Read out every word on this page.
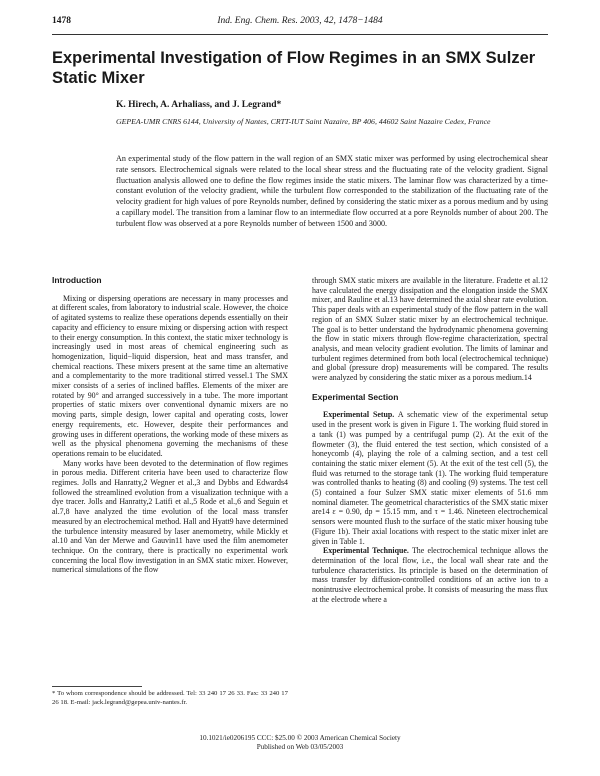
1478	Ind. Eng. Chem. Res. 2003, 42, 1478−1484
Experimental Investigation of Flow Regimes in an SMX Sulzer Static Mixer
K. Hirech, A. Arhaliass, and J. Legrand*
GEPEA-UMR CNRS 6144, University of Nantes, CRTT-IUT Saint Nazaire, BP 406, 44602 Saint Nazaire Cedex, France
An experimental study of the flow pattern in the wall region of an SMX static mixer was performed by using electrochemical shear rate sensors. Electrochemical signals were related to the local shear stress and the fluctuating rate of the velocity gradient. Signal fluctuation analysis allowed one to define the flow regimes inside the static mixers. The laminar flow was characterized by a time-constant evolution of the velocity gradient, while the turbulent flow corresponded to the stabilization of the fluctuating rate of the velocity gradient for high values of pore Reynolds number, defined by considering the static mixer as a porous medium and by using a capillary model. The transition from a laminar flow to an intermediate flow occurred at a pore Reynolds number of about 200. The turbulent flow was observed at a pore Reynolds number of between 1500 and 3000.
Introduction

Mixing or dispersing operations are necessary in many processes and at different scales, from laboratory to industrial scale. However, the choice of agitated systems to realize these operations depends essentially on their capacity and efficiency to ensure mixing or dispersing action with respect to their energy consumption. In this context, the static mixer technology is increasingly used in most areas of chemical engineering such as homogenization, liquid−liquid dispersion, heat and mass transfer, and chemical reactions. These mixers present at the same time an alternative and a complementarity to the more traditional stirred vessel.1 The SMX mixer consists of a series of inclined baffles. Elements of the mixer are rotated by 90° and arranged successively in a tube. The more important properties of static mixers over conventional dynamic mixers are no moving parts, simple design, lower capital and operating costs, lower energy requirements, etc. However, despite their performances and growing uses in different operations, the working mode of these mixers as well as the physical phenomena governing the mechanisms of these operations remain to be elucidated.

Many works have been devoted to the determination of flow regimes in porous media. Different criteria have been used to characterize flow regimes. Jolls and Hanratty,2 Wegner et al.,3 and Dybbs and Edwards4 followed the streamlined evolution from a visualization technique with a dye tracer. Jolls and Hanratty,2 Latifi et al.,5 Rode et al.,6 and Seguin et al.7,8 have analyzed the time evolution of the local mass transfer measured by an electrochemical method. Hall and Hyatt9 have determined the turbulence intensity measured by laser anemometry, while Mickly et al.10 and Van der Merwe and Gauvin11 have used the film anemometer technique. On the contrary, there is practically no experimental work concerning the local flow investigation in an SMX static mixer. However, numerical simulations of the flow

through SMX static mixers are available in the literature. Fradette et al.12 have calculated the energy dissipation and the elongation inside the SMX mixer, and Rauline et al.13 have determined the axial shear rate evolution. This paper deals with an experimental study of the flow pattern in the wall region of an SMX Sulzer static mixer by an electrochemical technique. The goal is to better understand the hydrodynamic phenomena governing the flow in static mixers through flow-regime characterization, spectral analysis, and mean velocity gradient evolution. The limits of laminar and turbulent regimes determined from both local (electrochemical technique) and global (pressure drop) measurements will be compared. The results were analyzed by considering the static mixer as a porous medium.14

Experimental Section

Experimental Setup. A schematic view of the experimental setup used in the present work is given in Figure 1. The working fluid stored in a tank (1) was pumped by a centrifugal pump (2). At the exit of the flowmeter (3), the fluid entered the test section, which consisted of a honeycomb (4), playing the role of a calming section, and a test cell containing the static mixer element (5). At the exit of the test cell (5), the fluid was returned to the storage tank (1). The working fluid temperature was controlled thanks to heating (8) and cooling (9) systems. The test cell (5) contained a four Sulzer SMX static mixer elements of 51.6 mm nominal diameter. The geometrical characteristics of the SMX static mixer are14 ε = 0.90, dp = 15.15 mm, and τ = 1.46. Nineteen electrochemical sensors were mounted flush to the surface of the static mixer housing tube (Figure 1b). Their axial locations with respect to the static mixer inlet are given in Table 1.

Experimental Technique. The electrochemical technique allows the determination of the local flow, i.e., the local wall shear rate and the turbulence characteristics. Its principle is based on the determination of mass transfer by diffusion-controlled conditions of an active ion to a nonintrusive electrochemical probe. It consists of measuring the mass flux at the electrode where a

* To whom correspondence should be addressed. Tel: 33 240 17 26 33. Fax: 33 240 17 26 18. E-mail: jack.legrand@gepea.univ-nantes.fr.
10.1021/ie0206195 CCC: $25.00 © 2003 American Chemical Society
Published on Web 03/05/2003
